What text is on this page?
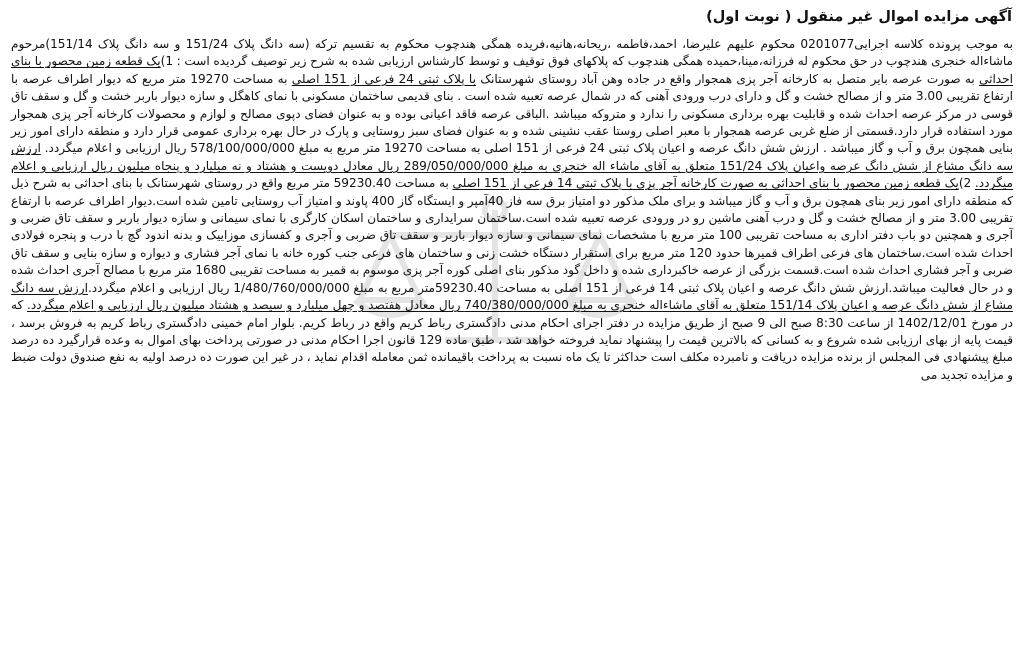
آگهی مزایده اموال غیر منقول ( نوبت اول)
به موجب پرونده کلاسه اجرایی0201077 محکوم علیهم علیرضا، احمد،فاطمه ،ریحانه،هانیه،فریده همگی هندچوب محکوم به تقسیم ترکه (سه دانگ پلاک 151/24 و سه دانگ پلاک 151/14)مرحوم ماشاءاله خنجری هندچوب در حق محکوم له فرزانه،مینا،حمیده همگی هندچوب که پلاکهای فوق توقیف و توسط کارشناس ارزیابی شده به شرح زیر توصیف گردیده است : 1)یک قطعه زمین محصور با بنای احداثی به صورت عرصه بایر متصل به کارخانه آجر پزی همجوار واقع در جاده وهن آباد روستای شهرستانک با پلاک ثبتی 24 فرعی از 151 اصلی به مساحت 19270 متر مربع که دیوار اطراف عرصه با ارتفاع تقریبی 3.00 متر و از مصالح خشت و گل و دارای درب ورودی آهنی که در شمال عرصه تعبیه شده است . بنای قدیمی ساختمان مسکونی با نمای کاهگل و سازه دیوار باربر خشت و گل و سقف تاق قوسی در مرکز عرصه احداث شده و قابلیت بهره برداری مسکونی را ندارد و متروکه میباشد .الباقی عرصه فاقد اعیانی بوده و به عنوان فضای دپوی مصالح و لوازم و محصولات کارخانه آجر پزی همجوار مورد استفاده قرار دارد.قسمتی از ضلع غربی عرصه همجوار با معبر اصلی روستا عقب نشینی شده و به عنوان فضای سبز روستایی و پارک در حال بهره برداری عمومی قرار دارد و منطقه دارای امور زیر بنایی همچون برق و آب و گاز میباشد . ارزش شش دانگ عرصه و اعیان پلاک ثبتی 24 فرعی از 151 اصلی به مساحت 19270 متر مربع به مبلغ 578/100/000/000 ریال ارزیابی و اعلام میگردد. ارزش سه دانگ مشاع از شش دانگ عرصه واعیان پلاک 151/24 متعلق به آقای ماشاء اله خنجری به مبلغ 289/050/000/000 ریال معادل دویست و هشتاد و نه میلیارد و پنجاه میلیون ریال ارزیابی و اعلام میگردد. 2)یک قطعه زمین محصور با بنای احداثی به صورت کارخانه آجر پزی با پلاک ثبتی 14 فرعی از 151 اصلی به مساحت 59230.40 متر مربع واقع در روستای شهرستانک با بنای احداثی به شرح ذیل که منطقه دارای امور زیر بنای همچون برق و آب و گاز میباشد و برای ملک مذکور دو امتیاز برق سه فاز 40آمپر و ایستگاه گاز 400 پاوند و امتیاز آب روستایی تامین شده است.دیوار اطراف عرصه با ارتفاع تقریبی 3.00 متر و از مصالح خشت و گل و درب آهنی ماشین رو در ورودی عرصه تعبیه شده است.ساختمان سرایداری و ساختمان اسکان کارگری با نمای سیمانی و سازه دیوار باربر و سقف تاق ضربی و آجری و همچنین دو باب دفتر اداری به مساحت تقریبی 100 متر مربع با مشخصات نمای سیمانی و سازه دیوار باربر و سقف تاق ضربی و آجری و کفسازی موزاییک و بدنه اندود گچ با درب و پنجره فولادی احداث شده است.ساختمان های فرعی اطراف قمیرها حدود 120 متر مربع برای استقرار دستگاه خشت زنی و ساختمان های فرعی جنب کوره خانه با نمای آجر فشاری و دیواره و سازه بنایی و سقف تاق ضربی و آجر فشاری احداث شده است.قسمت بزرگی از عرصه خاکبرداری شده و داخل گود مذکور بنای اصلی کوره آجر پزی موسوم به قمیر به مساحت تقریبی 1680 متر مربع با مصالح آجری احداث شده و در حال فعالیت میباشد.ارزش شش دانگ عرصه و اعیان پلاک ثبتی 14 فرعی از 151 اصلی به مساحت 59230.40متر مربع به مبلغ 1/480/760/000/000 ریال ارزیابی و اعلام میگردد.ارزش سه دانگ مشاع از شش دانگ عرصه و اعیان پلاک 151/14 متعلق به آقای ماشاءاله خنجری به مبلغ 740/380/000/000 ریال معادل هفتصد و چهل میلیارد و سیصد و هشتاد میلیون ریال ارزیابی و اعلام میگردد. که در مورخ 1402/12/01 از ساعت 8:30 صبح الی 9 صبح از طریق مزایده در دفتر اجرای احکام مدنی دادگستری رباط کریم واقع در رباط کریم. بلوار امام خمینی دادگستری رباط کریم به فروش برسد ، قیمت پایه از بهای ارزیابی شده شروع و به کسانی که بالاترین قیمت را پیشنهاد نماید فروخته خواهد شد ، طبق ماده 129 قانون اجرا احکام مدنی در صورتی پرداخت بهای اموال به وعده قرارگیرد ده درصد مبلغ پیشنهادی فی المجلس از برنده مزایده دریافت و نامبرده مکلف است حداکثر تا یک ماه نسبت به پرداخت باقیمانده ثمن معامله اقدام نماید ، در غیر این صورت ده درصد اولیه به نفع صندوق دولت ضبط و مزایده تجدید می
